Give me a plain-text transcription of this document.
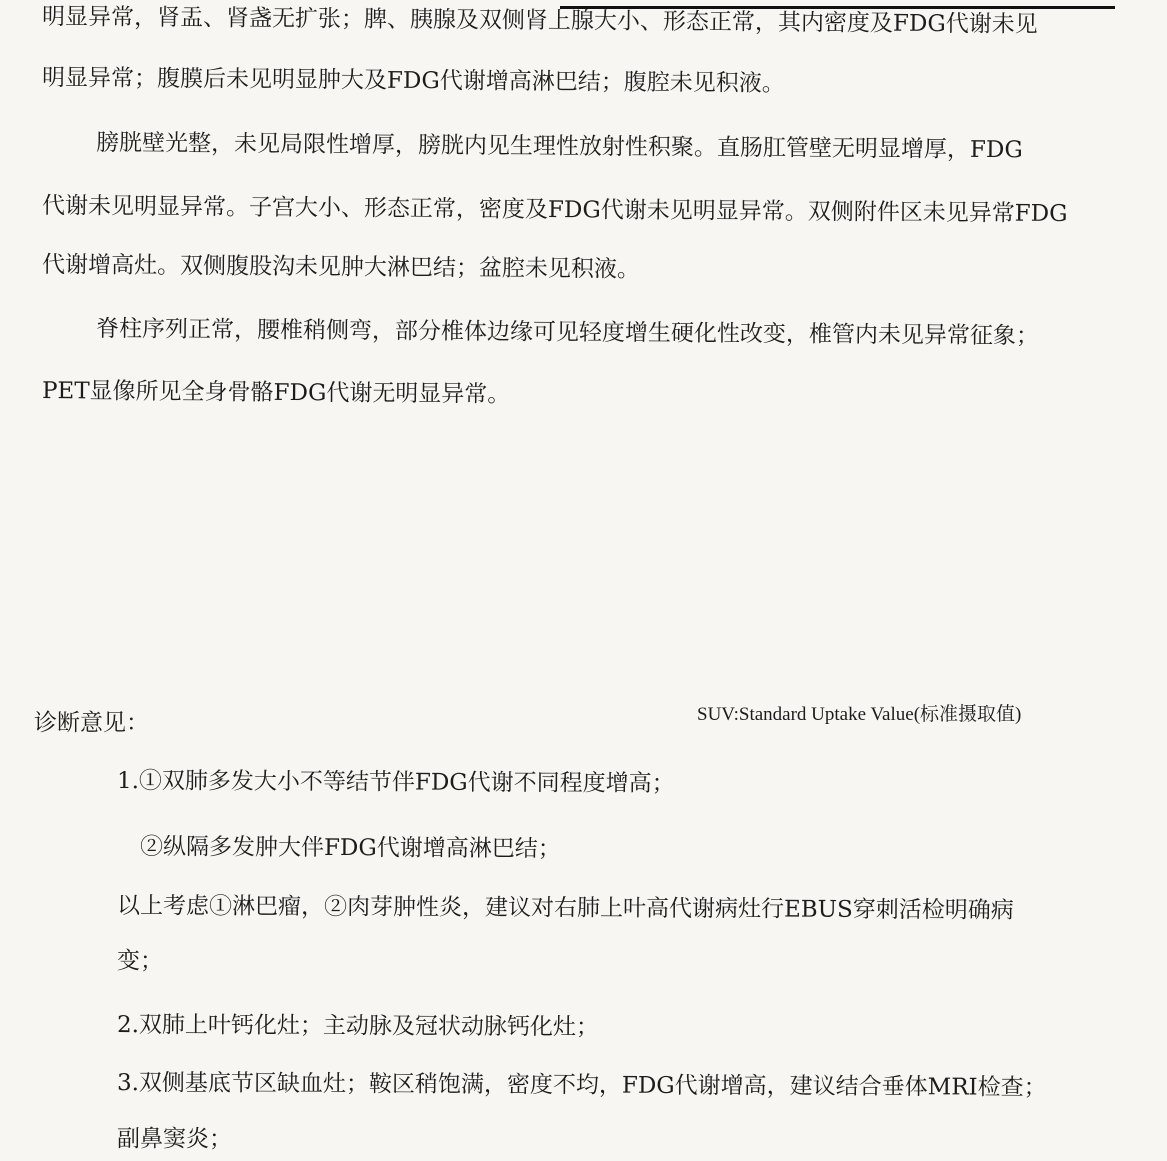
明显异常，肾盂、肾盏无扩张；脾、胰腺及双侧肾上腺大小、形态正常，其内密度及FDG代谢未见
明显异常；腹膜后未见明显肿大及FDG代谢增高淋巴结；腹腔未见积液。
膀胱壁光整，未见局限性增厚，膀胱内见生理性放射性积聚。直肠肛管壁无明显增厚，FDG
代谢未见明显异常。子宫大小、形态正常，密度及FDG代谢未见明显异常。双侧附件区未见异常FDG
代谢增高灶。双侧腹股沟未见肿大淋巴结；盆腔未见积液。
脊柱序列正常，腰椎稍侧弯，部分椎体边缘可见轻度增生硬化性改变，椎管内未见异常征象；
PET显像所见全身骨骼FDG代谢无明显异常。
诊断意见：	SUV:Standard Uptake Value(标准摄取值)
1.①双肺多发大小不等结节伴FDG代谢不同程度增高；
②纵隔多发肿大伴FDG代谢增高淋巴结；
以上考虑①淋巴瘤，②肉芽肿性炎，建议对右肺上叶高代谢病灶行EBUS穿刺活检明确病
变；
2.双肺上叶钙化灶；主动脉及冠状动脉钙化灶；
3.双侧基底节区缺血灶；鞍区稍饱满，密度不均，FDG代谢增高，建议结合垂体MRI检查；
副鼻窦炎；
